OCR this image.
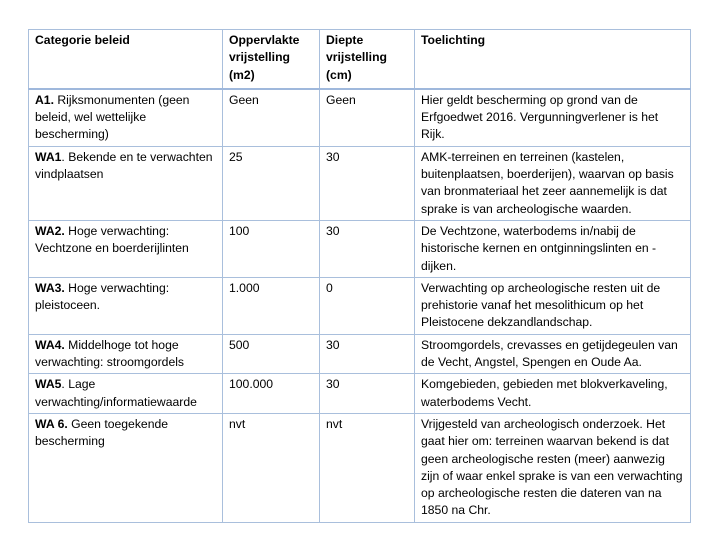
Categorie beleid	Oppervlakte vrijstelling (m2)	Diepte vrijstelling (cm)	Toelichting
A1. Rijksmonumenten (geen beleid, wel wettelijke bescherming)	Geen	Geen	Hier geldt bescherming op grond van de Erfgoedwet 2016. Vergunningverlener is het Rijk.
WA1. Bekende en te verwachten vindplaatsen	25	30	AMK-terreinen en terreinen (kastelen, buitenplaatsen, boerderijen), waarvan op basis van bronmateriaal het zeer aannemelijk is dat sprake is van archeologische waarden.
WA2. Hoge verwachting: Vechtzone en boerderijlinten	100	30	De Vechtzone, waterbodems in/nabij de historische kernen en ontginningslinten en -dijken.
WA3. Hoge verwachting: pleistoceen.	1.000	0	Verwachting op archeologische resten uit de prehistorie vanaf het mesolithicum op het Pleistocene dekzandlandschap.
WA4. Middelhoge tot hoge verwachting: stroomgordels	500	30	Stroomgordels, crevasses en getijdegeulen van de Vecht, Angstel, Spengen en Oude Aa.
WA5. Lage verwachting/informatiewaarde	100.000	30	Komgebieden, gebieden met blokverkaveling, waterbodems Vecht.
WA 6. Geen toegekende bescherming	nvt	nvt	Vrijgesteld van archeologisch onderzoek. Het gaat hier om: terreinen waarvan bekend is dat geen archeologische resten (meer) aanwezig zijn of waar enkel sprake is van een verwachting op archeologische resten die dateren van na 1850 na Chr.
